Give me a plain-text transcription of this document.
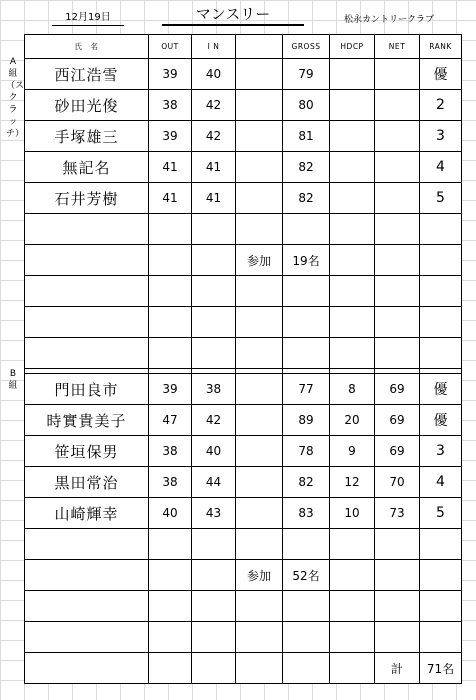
12月19日	マンスリー	松永カントリークラブ
A組（スクラッチ）
B組
氏　名	OUT	I N		GROSS	HDCP	NET	RANK
西江浩雪	39	40		79			優
砂田光俊	38	42		80			2
手塚雄三	39	42		81			3
無記名	41	41		82			4
石井芳樹	41	41		82			5

			参加	19名			

門田良市	39	38		77	8	69	優
時實貴美子	47	42		89	20	69	優
笹垣保男	38	40		78	9	69	3
黒田常治	38	44		82	12	70	4
山崎輝幸	40	43		83	10	73	5

			参加	52名			

						計	71名
